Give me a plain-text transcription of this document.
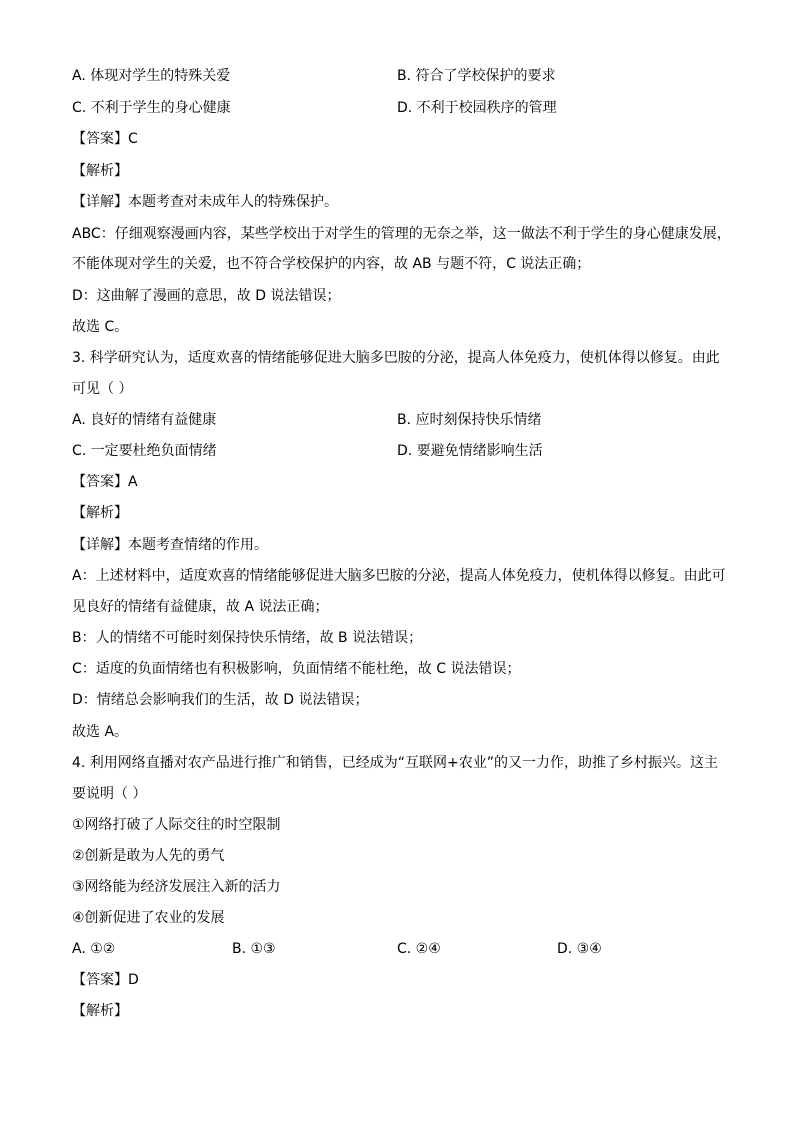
A. 体现对学生的特殊关爱	B. 符合了学校保护的要求
C. 不利于学生的身心健康	D. 不利于校园秩序的管理
【答案】C
【解析】
【详解】本题考查对未成年人的特殊保护。
ABC：仔细观察漫画内容，某些学校出于对学生的管理的无奈之举，这一做法不利于学生的身心健康发展，
不能体现对学生的关爱，也不符合学校保护的内容，故 AB 与题不符，C 说法正确；
D：这曲解了漫画的意思，故 D 说法错误；
故选 C。
3. 科学研究认为，适度欢喜的情绪能够促进大脑多巴胺的分泌，提高人体免疫力，使机体得以修复。由此
可见（ ）
A. 良好的情绪有益健康	B. 应时刻保持快乐情绪
C. 一定要杜绝负面情绪	D. 要避免情绪影响生活
【答案】A
【解析】
【详解】本题考查情绪的作用。
A：上述材料中，适度欢喜的情绪能够促进大脑多巴胺的分泌，提高人体免疫力，使机体得以修复。由此可
见良好的情绪有益健康，故 A 说法正确；
B：人的情绪不可能时刻保持快乐情绪，故 B 说法错误；
C：适度的负面情绪也有积极影响，负面情绪不能杜绝，故 C 说法错误；
D：情绪总会影响我们的生活，故 D 说法错误；
故选 A。
4. 利用网络直播对农产品进行推广和销售，已经成为“互联网+农业”的又一力作，助推了乡村振兴。这主
要说明（ ）
①网络打破了人际交往的时空限制
②创新是敢为人先的勇气
③网络能为经济发展注入新的活力
④创新促进了农业的发展
A. ①②	B. ①③	C. ②④	D. ③④
【答案】D
【解析】
